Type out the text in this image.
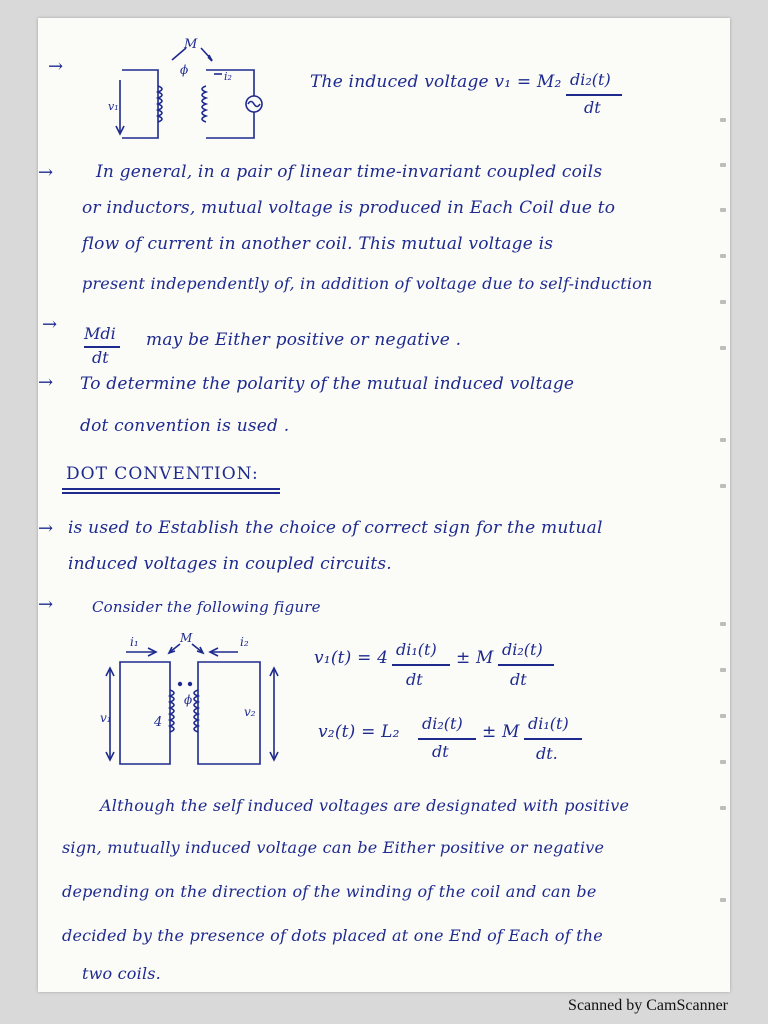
→
M
ϕ	i₂
v₁
The induced voltage v₁ = M₂ di₂(t)
dt
→	In general, in a pair of linear time-invariant coupled coils
or inductors, mutual voltage is produced in Each Coil due to
flow of current in another coil. This mutual voltage is
present independently of, in addition of voltage due to self-induction
→ Mdi
dt
may be Either positive or negative .
→ To determine the polarity of the mutual induced voltage
dot convention is used .
DOT CONVENTION:
→ is used to Establish the choice of correct sign for the mutual
induced voltages in coupled circuits.
→	Consider the following figure
i₁	M	i₂
ϕ
v₁	4
v₂
v₁(t) = 4 di₁(t)
dt
± M di₂(t)
dt
v₂(t) = L₂ di₂(t)
dt
± M di₁(t)
dt.
Although the self induced voltages are designated with positive
sign, mutually induced voltage can be Either positive or negative
depending on the direction of the winding of the coil and can be
decided by the presence of dots placed at one End of Each of the
two coils.
Scanned by CamScanner
